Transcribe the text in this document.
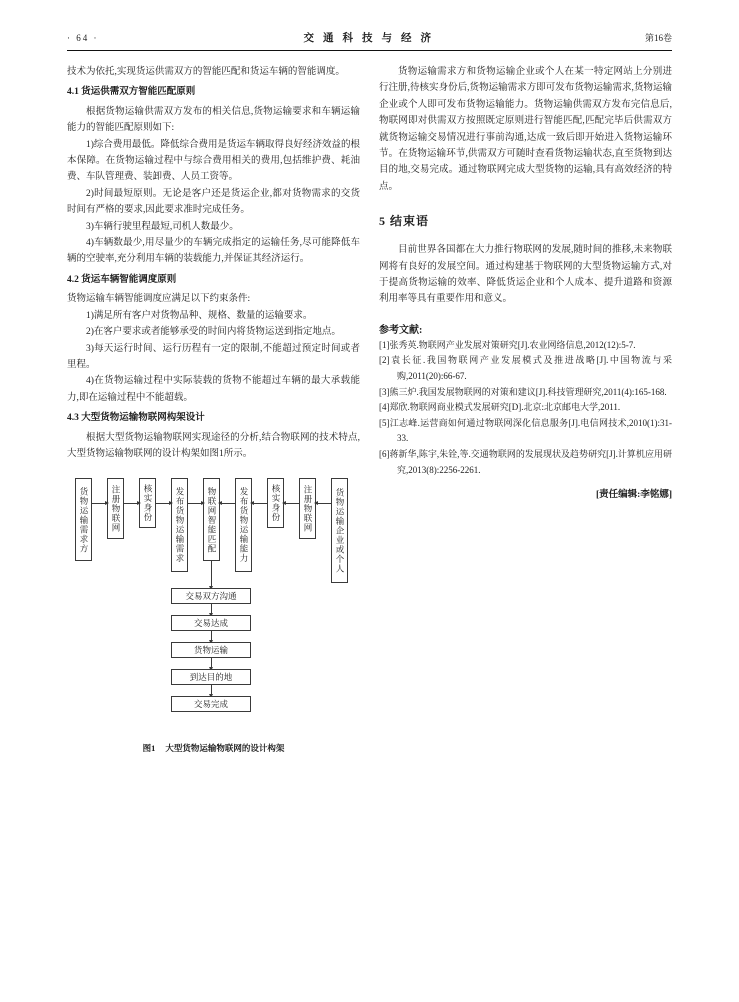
· 64 ·	交通科技与经济	第16卷

技术为依托,实现货运供需双方的智能匹配和货运车辆的智能调度。

4.1 货运供需双方智能匹配原则

根据货物运输供需双方发布的相关信息,货物运输要求和车辆运输能力的智能匹配原则如下:

1)综合费用最低。降低综合费用是货运车辆取得良好经济效益的根本保障。在货物运输过程中与综合费用相关的费用,包括维护费、耗油费、车队管理费、装卸费、人员工资等。

2)时间最短原则。无论是客户还是货运企业,都对货物需求的交货时间有严格的要求,因此要求准时完成任务。

3)车辆行驶里程最短,司机人数最少。

4)车辆数最少,用尽量少的车辆完成指定的运输任务,尽可能降低车辆的空驶率,充分利用车辆的装载能力,并保证其经济运行。

4.2 货运车辆智能调度原则

货物运输车辆智能调度应满足以下约束条件:

1)满足所有客户对货物品种、规格、数量的运输要求。

2)在客户要求或者能够承受的时间内将货物运送到指定地点。

3)每天运行时间、运行历程有一定的限制,不能超过预定时间或者里程。

4)在货物运输过程中实际装载的货物不能超过车辆的最大承载能力,即在运输过程中不能超载。

4.3 大型货物运输物联网构架设计

根据大型货物运输物联网实现途径的分析,结合物联网的技术特点,大型货物运输物联网的设计构架如图1所示。

货物运输需求方	注册物联网	核实身份	发布货物运输需求	物联网智能匹配	发布货物运输能力	核实身份	注册物联网	货物运输企业或个人
交易双方沟通
交易达成
货物运输
到达目的地
交易完成
图1 大型货物运输物联网的设计构架

货物运输需求方和货物运输企业或个人在某一特定网站上分别进行注册,待核实身份后,货物运输需求方即可发布货物运输需求,货物运输企业或个人即可发布货物运输能力。货物运输供需双方发布完信息后,物联网即对供需双方按照既定原则进行智能匹配,匹配完毕后供需双方就货物运输交易情况进行事前沟通,达成一致后即开始进入货物运输环节。在货物运输环节,供需双方可随时查看货物运输状态,直至货物到达目的地,交易完成。通过物联网完成大型货物的运输,具有高效经济的特点。

5 结束语

目前世界各国都在大力推行物联网的发展,随时间的推移,未来物联网将有良好的发展空间。通过构建基于物联网的大型货物运输方式,对于提高货物运输的效率、降低货运企业和个人成本、提升道路和资源利用率等具有重要作用和意义。

参考文献:

[1]张秀英.物联网产业发展对策研究[J].农业网络信息,2012(12):5-7.

[2]袁长征.我国物联网产业发展模式及推进战略[J].中国物流与采购,2011(20):66-67.

[3]熊三炉.我国发展物联网的对策和建议[J].科技管理研究,2011(4):165-168.

[4]郑欣.物联网商业模式发展研究[D].北京:北京邮电大学,2011.

[5]江志峰.运营商如何通过物联网深化信息服务[J].电信网技术,2010(1):31-33.

[6]蒋新华,陈宇,朱铨,等.交通物联网的发展现状及趋势研究[J].计算机应用研究,2013(8):2256-2261.

[责任编辑:李铭娜]
